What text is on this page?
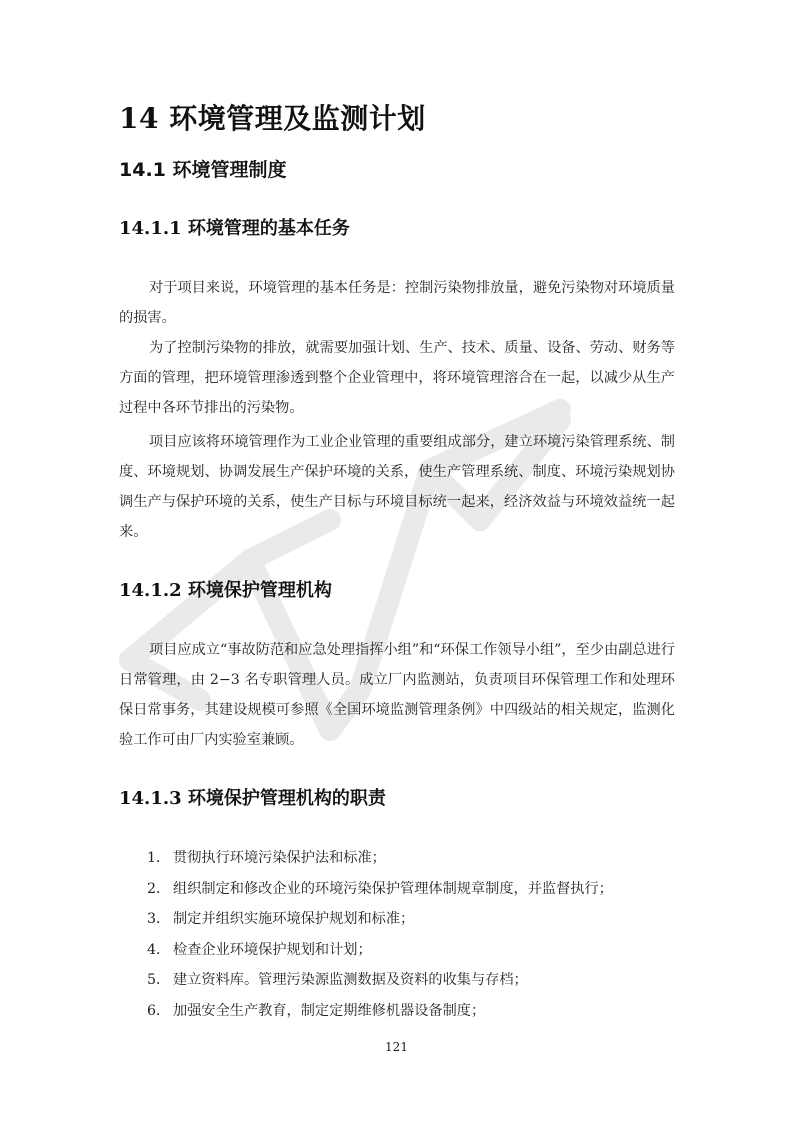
14 环境管理及监测计划
14.1 环境管理制度
14.1.1 环境管理的基本任务
对于项目来说，环境管理的基本任务是：控制污染物排放量，避免污染物对环境质量的损害。
为了控制污染物的排放，就需要加强计划、生产、技术、质量、设备、劳动、财务等方面的管理，把环境管理渗透到整个企业管理中，将环境管理溶合在一起，以减少从生产过程中各环节排出的污染物。
项目应该将环境管理作为工业企业管理的重要组成部分，建立环境污染管理系统、制度、环境规划、协调发展生产保护环境的关系，使生产管理系统、制度、环境污染规划协调生产与保护环境的关系，使生产目标与环境目标统一起来，经济效益与环境效益统一起来。
14.1.2 环境保护管理机构
项目应成立“事故防范和应急处理指挥小组”和“环保工作领导小组”，至少由副总进行日常管理，由 2−3 名专职管理人员。成立厂内监测站，负责项目环保管理工作和处理环保日常事务，其建设规模可参照《全国环境监测管理条例》中四级站的相关规定，监测化验工作可由厂内实验室兼顾。
14.1.3 环境保护管理机构的职责
1． 贯彻执行环境污染保护法和标准；
2． 组织制定和修改企业的环境污染保护管理体制规章制度，并监督执行；
3． 制定并组织实施环境保护规划和标准；
4． 检查企业环境保护规划和计划；
5． 建立资料库。管理污染源监测数据及资料的收集与存档；
6． 加强安全生产教育，制定定期维修机器设备制度；
121
